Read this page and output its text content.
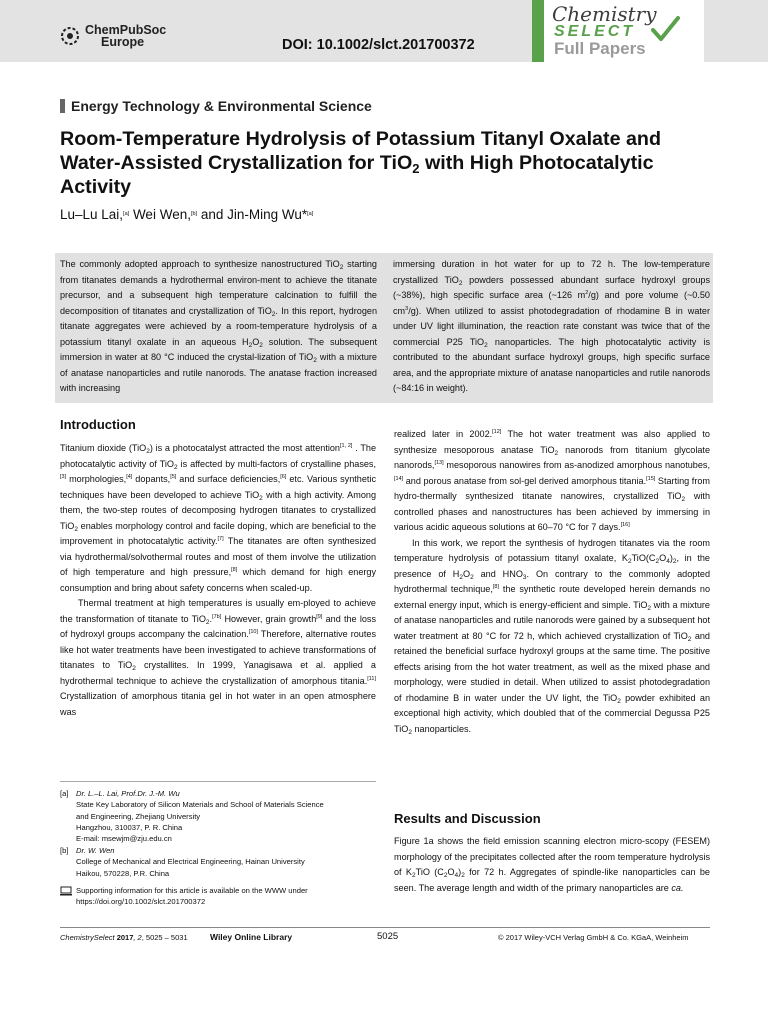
ChemPubSoc
Europe	DOI: 10.1002/slct.201700372
Chemistry
SELECT
Full Papers
Energy Technology & Environmental Science
Room-Temperature Hydrolysis of Potassium Titanyl Oxalate and Water-Assisted Crystallization for TiO$_2$ with High Photocatalytic Activity
Lu–Lu Lai,[a] Wei Wen,[b] and Jin-Ming Wu*[a]
The commonly adopted approach to synthesize nanostructured TiO$_2$ starting from titanates demands a hydrothermal environ-ment to achieve the titanate precursor, and a subsequent high temperature calcination to fulfill the decomposition of titanates and crystallization of TiO$_2$. In this report, hydrogen titanate aggregates were achieved by a room-temperature hydrolysis of a potassium titanyl oxalate in an aqueous $H_2O_2$ solution. The subsequent immersion in water at 80 °C induced the crystal-lization of TiO$_2$ with a mixture of anatase nanoparticles and rutile nanorods. The anatase fraction increased with increasing
immersing duration in hot water for up to 72 h. The low-temperature crystallized TiO$_2$ powders possessed abundant surface hydroxyl groups (~38%), high specific surface area (~126 $m^2/g$) and pore volume (~0.50 $cm^3/g$). When utilized to assist photodegradation of rhodamine B in water under UV light illumination, the reaction rate constant was twice that of the commercial P25 TiO$_2$ nanoparticles. The high photocatalytic activity is contributed to the abundant surface hydroxyl groups, high specific surface area, and the appropriate mixture of anatase nanoparticles and rutile nanorods (~84:16 in weight).
Introduction

Titanium dioxide (TiO$_2$) is a photocatalyst attracted the most attention[1, 2] . The photocatalytic activity of TiO$_2$ is affected by multi-factors of crystalline phases,[3] morphologies,[4] dopants,[5] and surface deficiencies,[6] etc. Various synthetic techniques have been developed to achieve TiO$_2$ with a high activity. Among them, the two-step routes of decomposing hydrogen titanates to crystallized TiO$_2$ enables morphology control and facile doping, which are beneficial to the improvement in photocatalytic activity.[7] The titanates are often synthesized via hydrothermal/solvothermal routes and most of them involve the utilization of high temperature and high pressure,[8] which demand for high energy consumption and bring about safety concerns when scaled-up.

Thermal treatment at high temperatures is usually em-ployed to achieve the transformation of titanate to TiO$_2$.[7b] However, grain growth[9] and the loss of hydroxyl groups accompany the calcination.[10] Therefore, alternative routes like hot water treatments have been investigated to achieve transformations of titanates to TiO$_2$ crystallites. In 1999, Yanagisawa et al. applied a hydrothermal technique to achieve the crystallization of amorphous titania.[11] Crystallization of amorphous titania gel in hot water in an open atmosphere was

[a] Dr. L.–L. Lai, Prof.Dr. J.-M. Wu
State Key Laboratory of Silicon Materials and School of Materials Science
and Engineering, Zhejiang University
Hangzhou, 310037, P. R. China
E-mail: msewjm@zju.edu.cn
[b] Dr. W. Wen
College of Mechanical and Electrical Engineering, Hainan University
Haikou, 570228, P.R. China
Supporting information for this article is available on the WWW under
https://doi.org/10.1002/slct.201700372

realized later in 2002.[12] The hot water treatment was also applied to synthesize mesoporous anatase TiO$_2$ nanorods from titanium glycolate nanorods,[13] mesoporous nanowires from as-anodized amorphous nanotubes,[14] and porous anatase from sol-gel derived amorphous titania.[15] Starting from hydro-thermally synthesized titanate nanowires, crystallized TiO$_2$ with controlled phases and nanostructures has been achieved by immersing in various acidic aqueous solutions at 60–70 °C for 7 days.[16]

In this work, we report the synthesis of hydrogen titanates via the room temperature hydrolysis of potassium titanyl oxalate, $K_2TiO(C_2O_4)_2$, in the presence of $H_2O_2$ and $HNO_3$. On contrary to the commonly adopted hydrothermal technique,[8] the synthetic route developed herein demands no external energy input, which is energy-efficient and simple. TiO$_2$ with a mixture of anatase nanoparticles and rutile nanorods were gained by a subsequent hot water treatment at 80 °C for 72 h, which achieved crystallization of TiO$_2$ and retained the beneficial surface hydroxyl groups at the same time. The positive effects arising from the hot water treatment, as well as the mixed phase and morphology, were studied in detail. When utilized to assist photodegradation of rhodamine B in water under the UV light, the TiO$_2$ powder exhibited an exceptional high activity, which doubled that of the commercial Degussa P25 TiO$_2$ nanoparticles.

Results and Discussion

Figure 1a shows the field emission scanning electron micro-scopy (FESEM) morphology of the precipitates collected after the room temperature hydrolysis of $K_2TiO$ $(C_2O_4)_2$ for 72 h. Aggregates of spindle-like nanoparticles can be seen. The average length and width of the primary nanoparticles are ca.

ChemistrySelect 2017, 2, 5025 – 5031	Wiley Online Library	5025	© 2017 Wiley-VCH Verlag GmbH & Co. KGaA, Weinheim
